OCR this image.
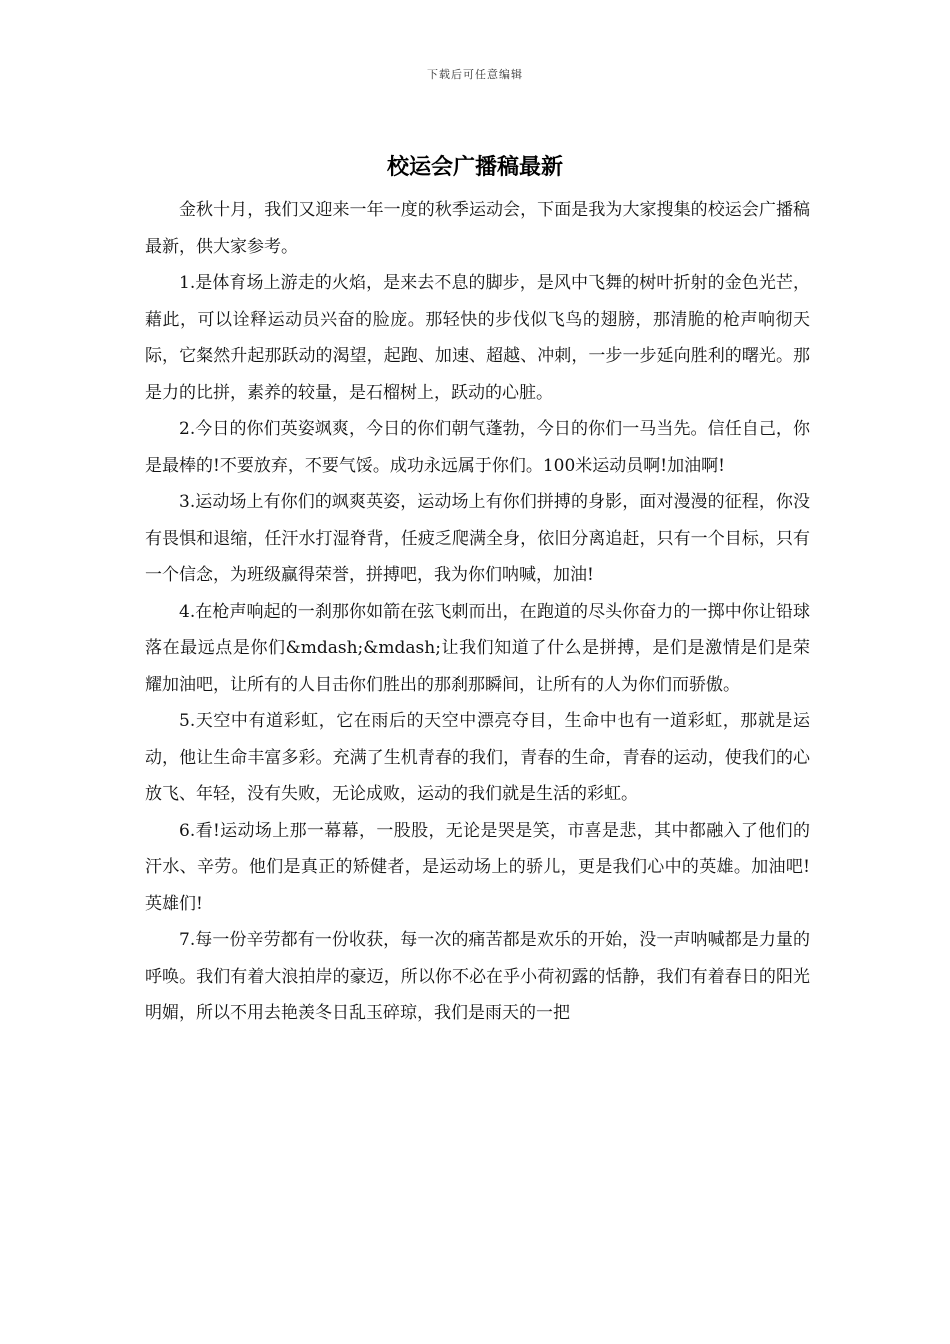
下载后可任意编辑
校运会广播稿最新

金秋十月，我们又迎来一年一度的秋季运动会，下面是我为大家搜集的校运会广播稿最新，供大家参考。

1.是体育场上游走的火焰，是来去不息的脚步，是风中飞舞的树叶折射的金色光芒，藉此，可以诠释运动员兴奋的脸庞。那轻快的步伐似飞鸟的翅膀，那清脆的枪声响彻天际，它粲然升起那跃动的渴望，起跑、加速、超越、冲刺，一步一步延向胜利的曙光。那是力的比拼，素养的较量，是石榴树上，跃动的心脏。

2.今日的你们英姿飒爽，今日的你们朝气蓬勃，今日的你们一马当先。信任自己，你是最棒的!不要放弃，不要气馁。成功永远属于你们。100米运动员啊!加油啊!

3.运动场上有你们的飒爽英姿，运动场上有你们拼搏的身影，面对漫漫的征程，你没有畏惧和退缩，任汗水打湿脊背，任疲乏爬满全身，依旧分离追赶，只有一个目标，只有一个信念，为班级赢得荣誉，拼搏吧，我为你们呐喊，加油!

4.在枪声响起的一刹那你如箭在弦飞刺而出，在跑道的尽头你奋力的一掷中你让铅球落在最远点是你们&mdash;&mdash;让我们知道了什么是拼搏，是们是激情是们是荣耀加油吧，让所有的人目击你们胜出的那刹那瞬间，让所有的人为你们而骄傲。

5.天空中有道彩虹，它在雨后的天空中漂亮夺目，生命中也有一道彩虹，那就是运动，他让生命丰富多彩。充满了生机青春的我们，青春的生命，青春的运动，使我们的心放飞、年轻，没有失败，无论成败，运动的我们就是生活的彩虹。

6.看!运动场上那一幕幕，一股股，无论是哭是笑，市喜是悲，其中都融入了他们的汗水、辛劳。他们是真正的矫健者，是运动场上的骄儿，更是我们心中的英雄。加油吧!英雄们!

7.每一份辛劳都有一份收获，每一次的痛苦都是欢乐的开始，没一声呐喊都是力量的呼唤。我们有着大浪拍岸的豪迈，所以你不必在乎小荷初露的恬静，我们有着春日的阳光明媚，所以不用去艳羡冬日乱玉碎琼，我们是雨天的一把
